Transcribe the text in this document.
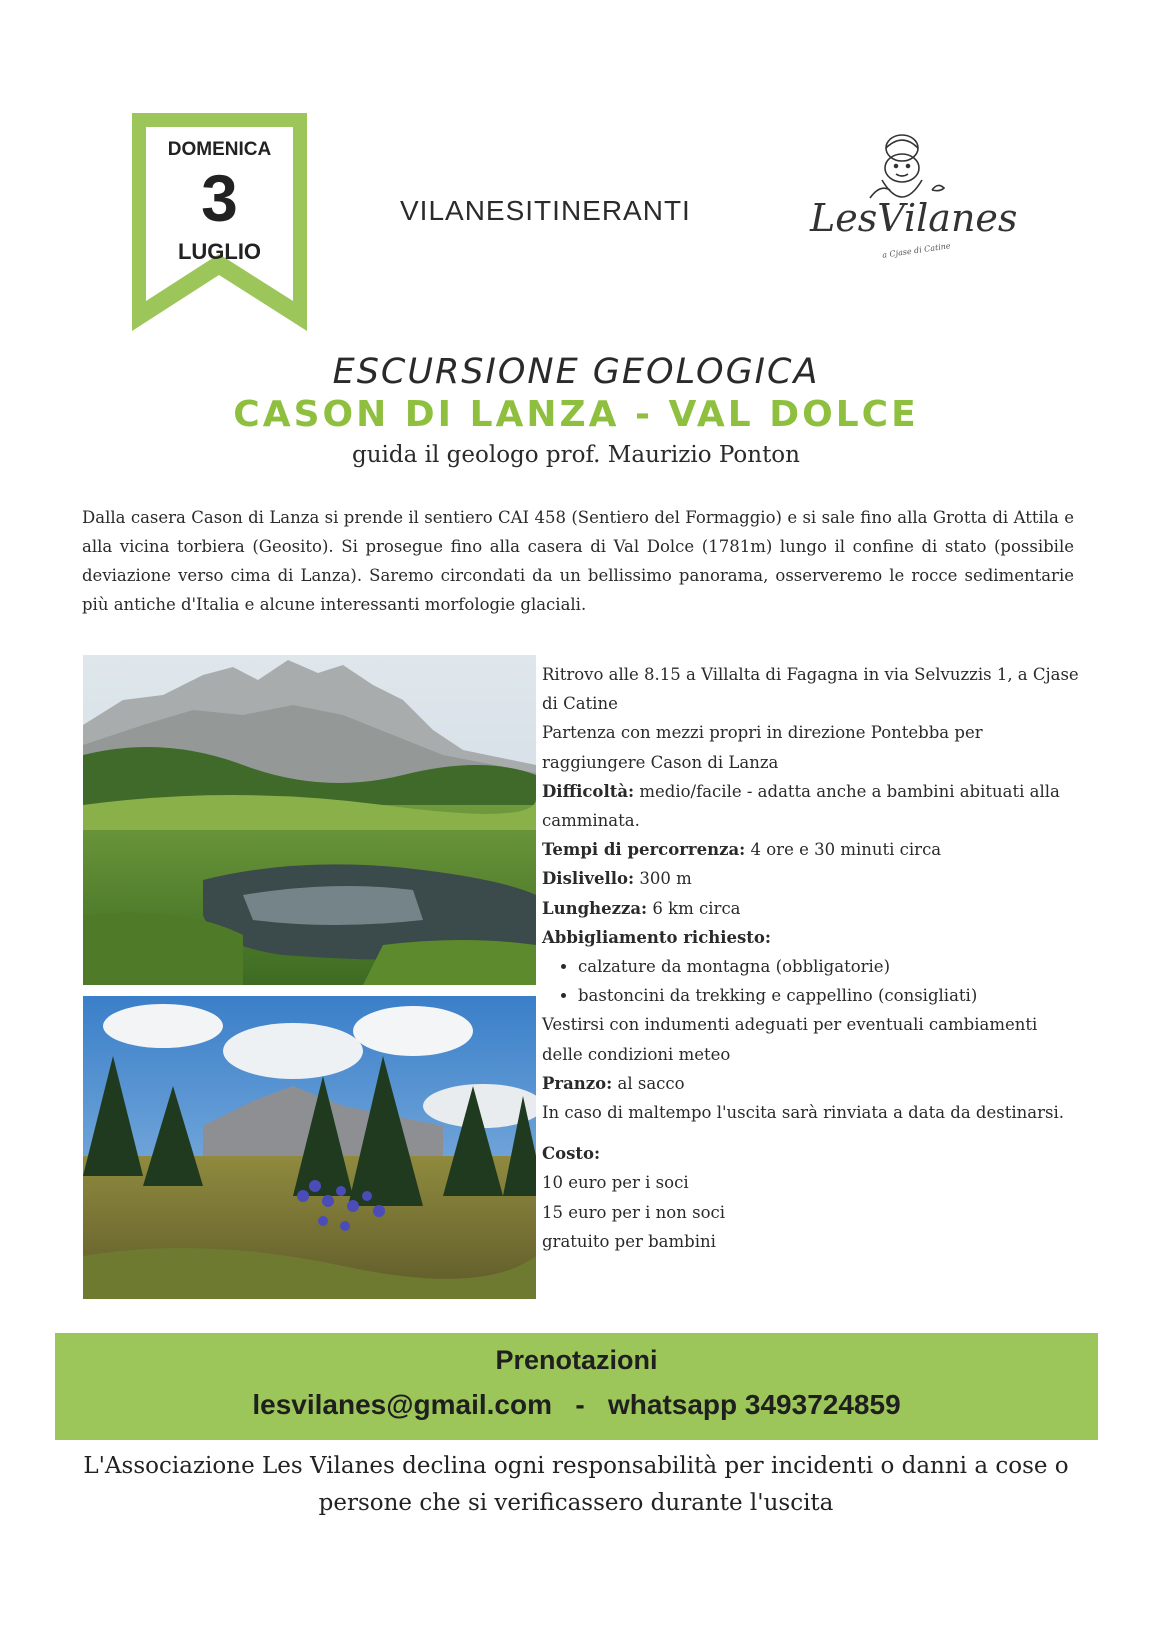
DOMENICA
3
LUGLIO
VILANESITINERANTI	LesVilanes
a Cjase di Catine
ESCURSIONE GEOLOGICA
CASON DI LANZA - VAL DOLCE
guida il geologo prof. Maurizio Ponton
Dalla casera Cason di Lanza si prende il sentiero CAI 458 (Sentiero del Formaggio) e si sale fino alla Grotta di Attila e alla vicina torbiera (Geosito). Si prosegue fino alla casera di Val Dolce (1781m) lungo il confine di stato (possibile deviazione verso cima di Lanza). Saremo circondati da un bellissimo panorama, osserveremo le rocce sedimentarie più antiche d'Italia e alcune interessanti morfologie glaciali.

Ritrovo alle 8.15 a Villalta di Fagagna in via Selvuzzis 1, a Cjase di Catine

Partenza con mezzi propri in direzione Pontebba per raggiungere Cason di Lanza

Difficoltà: medio/facile - adatta anche a bambini abituati alla camminata.

Tempi di percorrenza: 4 ore e 30 minuti circa

Dislivello: 300 m

Lunghezza: 6 km circa

Abbigliamento richiesto:

• calzature da montagna (obbligatorie)
• bastoncini da trekking e cappellino (consigliati)

Vestirsi con indumenti adeguati per eventuali cambiamenti delle condizioni meteo

Pranzo: al sacco

In caso di maltempo l'uscita sarà rinviata a data da destinarsi.

Costo:

10 euro per i soci

15 euro per i non soci

gratuito per bambini

Prenotazioni
lesvilanes@gmail.com   -   whatsapp 3493724859
L'Associazione Les Vilanes declina ogni responsabilità per incidenti o danni a cose o persone che si verificassero durante l'uscita
